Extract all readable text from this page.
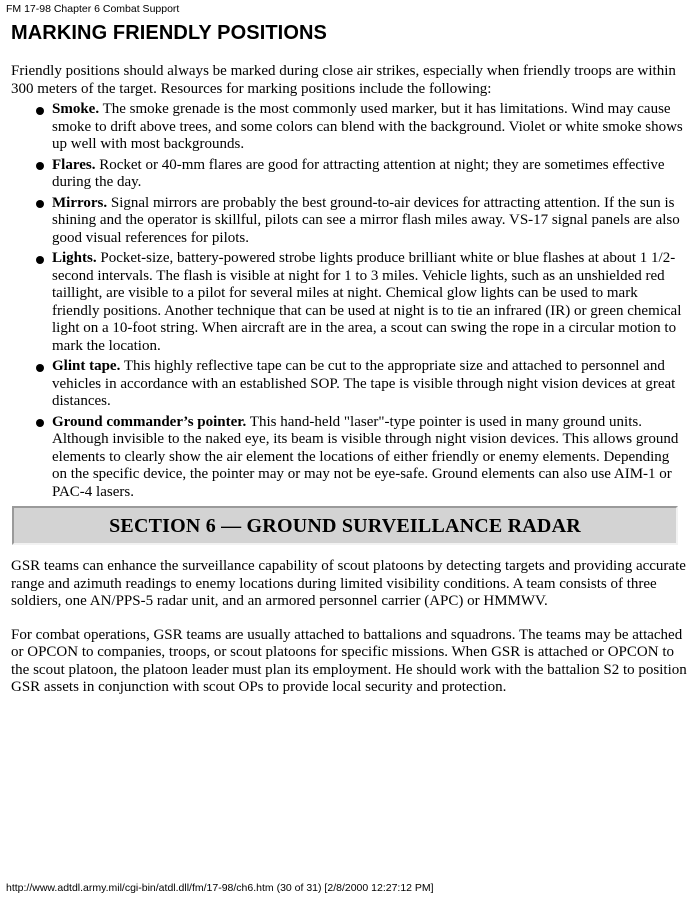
FM 17-98 Chapter 6 Combat Support
MARKING FRIENDLY POSITIONS

Friendly positions should always be marked during close air strikes, especially when friendly troops are within 300 meters of the target. Resources for marking positions include the following:

Smoke. The smoke grenade is the most commonly used marker, but it has limitations. Wind may cause smoke to drift above trees, and some colors can blend with the background. Violet or white smoke shows up well with most backgrounds.
Flares. Rocket or 40-mm flares are good for attracting attention at night; they are sometimes effective during the day.
Mirrors. Signal mirrors are probably the best ground-to-air devices for attracting attention. If the sun is shining and the operator is skillful, pilots can see a mirror flash miles away. VS-17 signal panels are also good visual references for pilots.
Lights. Pocket-size, battery-powered strobe lights produce brilliant white or blue flashes at about 1 1/2-second intervals. The flash is visible at night for 1 to 3 miles. Vehicle lights, such as an unshielded red taillight, are visible to a pilot for several miles at night. Chemical glow lights can be used to mark friendly positions. Another technique that can be used at night is to tie an infrared (IR) or green chemical light on a 10-foot string. When aircraft are in the area, a scout can swing the rope in a circular motion to mark the location.
Glint tape. This highly reflective tape can be cut to the appropriate size and attached to personnel and vehicles in accordance with an established SOP. The tape is visible through night vision devices at great distances.
Ground commander’s pointer. This hand-held "laser"-type pointer is used in many ground units. Although invisible to the naked eye, its beam is visible through night vision devices. This allows ground elements to clearly show the air element the locations of either friendly or enemy elements. Depending on the specific device, the pointer may or may not be eye-safe. Ground elements can also use AIM-1 or PAC-4 lasers.
SECTION 6 — GROUND SURVEILLANCE RADAR

GSR teams can enhance the surveillance capability of scout platoons by detecting targets and providing accurate range and azimuth readings to enemy locations during limited visibility conditions. A team consists of three soldiers, one AN/PPS-5 radar unit, and an armored personnel carrier (APC) or HMMWV.

For combat operations, GSR teams are usually attached to battalions and squadrons. The teams may be attached or OPCON to companies, troops, or scout platoons for specific missions. When GSR is attached or OPCON to the scout platoon, the platoon leader must plan its employment. He should work with the battalion S2 to position GSR assets in conjunction with scout OPs to provide local security and protection.

http://www.adtdl.army.mil/cgi-bin/atdl.dll/fm/17-98/ch6.htm (30 of 31) [2/8/2000 12:27:12 PM]
